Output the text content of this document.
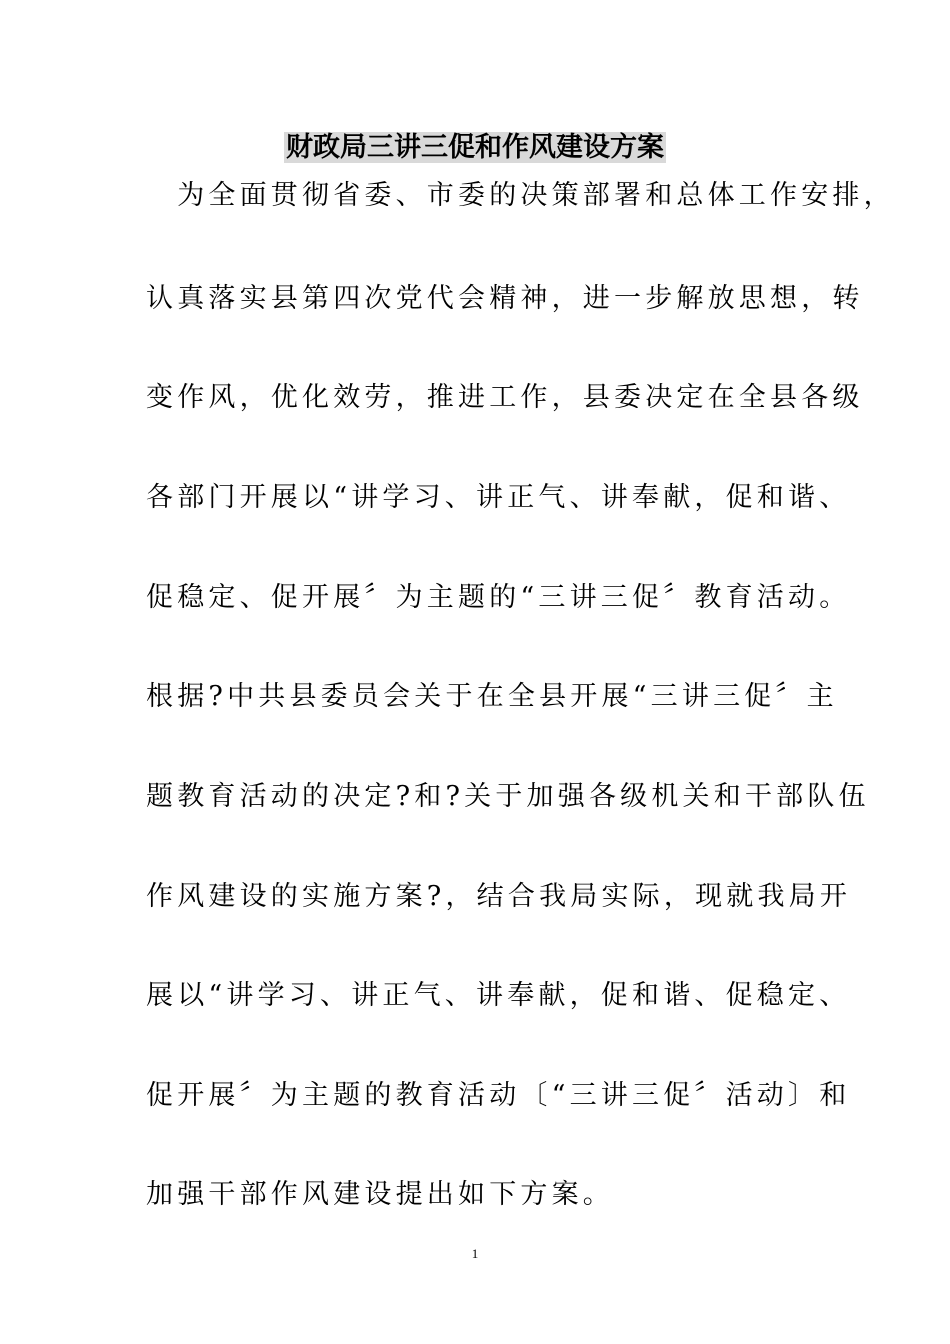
财政局三讲三促和作风建设方案
　为全面贯彻省委、市委的决策部署和总体工作安排，
认真落实县第四次党代会精神，进一步解放思想，转
变作风，优化效劳，推进工作，县委决定在全县各级
各部门开展以“讲学习、讲正气、讲奉献，促和谐、
促稳定、促开展〞为主题的“三讲三促〞教育活动。
根据?中共县委员会关于在全县开展“三讲三促〞主
题教育活动的决定?和?关于加强各级机关和干部队伍
作风建设的实施方案?，结合我局实际，现就我局开
展以“讲学习、讲正气、讲奉献，促和谐、促稳定、
促开展〞为主题的教育活动〔“三讲三促〞活动〕和
加强干部作风建设提出如下方案。
1
